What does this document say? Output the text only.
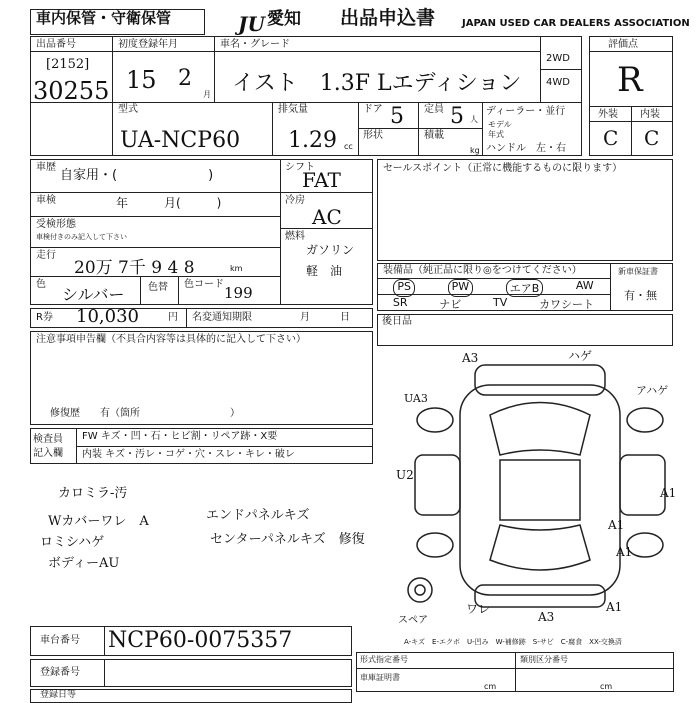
車内保管・守衛保管	JU 愛知 出品申込書	JAPAN USED CAR DEALERS ASSOCIATION
出品番号
[2152]
30255
初度登録年月
15 2
月
車名・グレード
イスト　1.3F Lエディション
2WD
4WD
型式
UA-NCP60
排気量
1.29 cc
ドア 5 定員 5 人
形状	積載
kg
ディーラー・並行
モデル
年式
ハンドル　左・右
評価点
R
外装 内装
C C
車歴
自家用・(　　　　　　　)
車検	年　　　月(　　　)
受検形態
車検付きのみ記入して下さい
走行
20万 7千 9 4 8	km
色
シルバー 色替 色コード 199
シフト
FAT
冷房
AC
燃料
ガソリン
軽　油
セールスポイント（正常に機能するものに限ります）
装備品（純正品に限り◎をつけてください）
PS	PW	エアB	AW
SR	ナビ	TV	カワシート
新車保証書
有・無
R券 10,030	円 名変通知期限	月　　　日	後日品
注意事項申告欄（不具合内容等は具体的に記入して下さい）
修復歴　　有（箇所　　　　　　　　　）
検査員
記入欄
FW キズ・凹・石・ヒビ割・リペア跡・X要
内装 キズ・汚レ・コゲ・穴・スレ・キレ・破レ
カロミラ-汚
Wカバーワレ　A
ロミシハゲ
ボディーAU
エンドパネルキズ
センターパネルキズ　修復
A3	ハゲ
アハゲ
UA3
U2
A1
A1
A1
ワレ
A3
A1
スペア
A-キズ　E-エクボ　U-凹み　W-補修跡　S-サビ　C-腐食　XX-交換済
車台番号 NCP60-0075357
登録番号
登録日等
形式指定番号	類別区分番号
車庫証明書
cm	cm
